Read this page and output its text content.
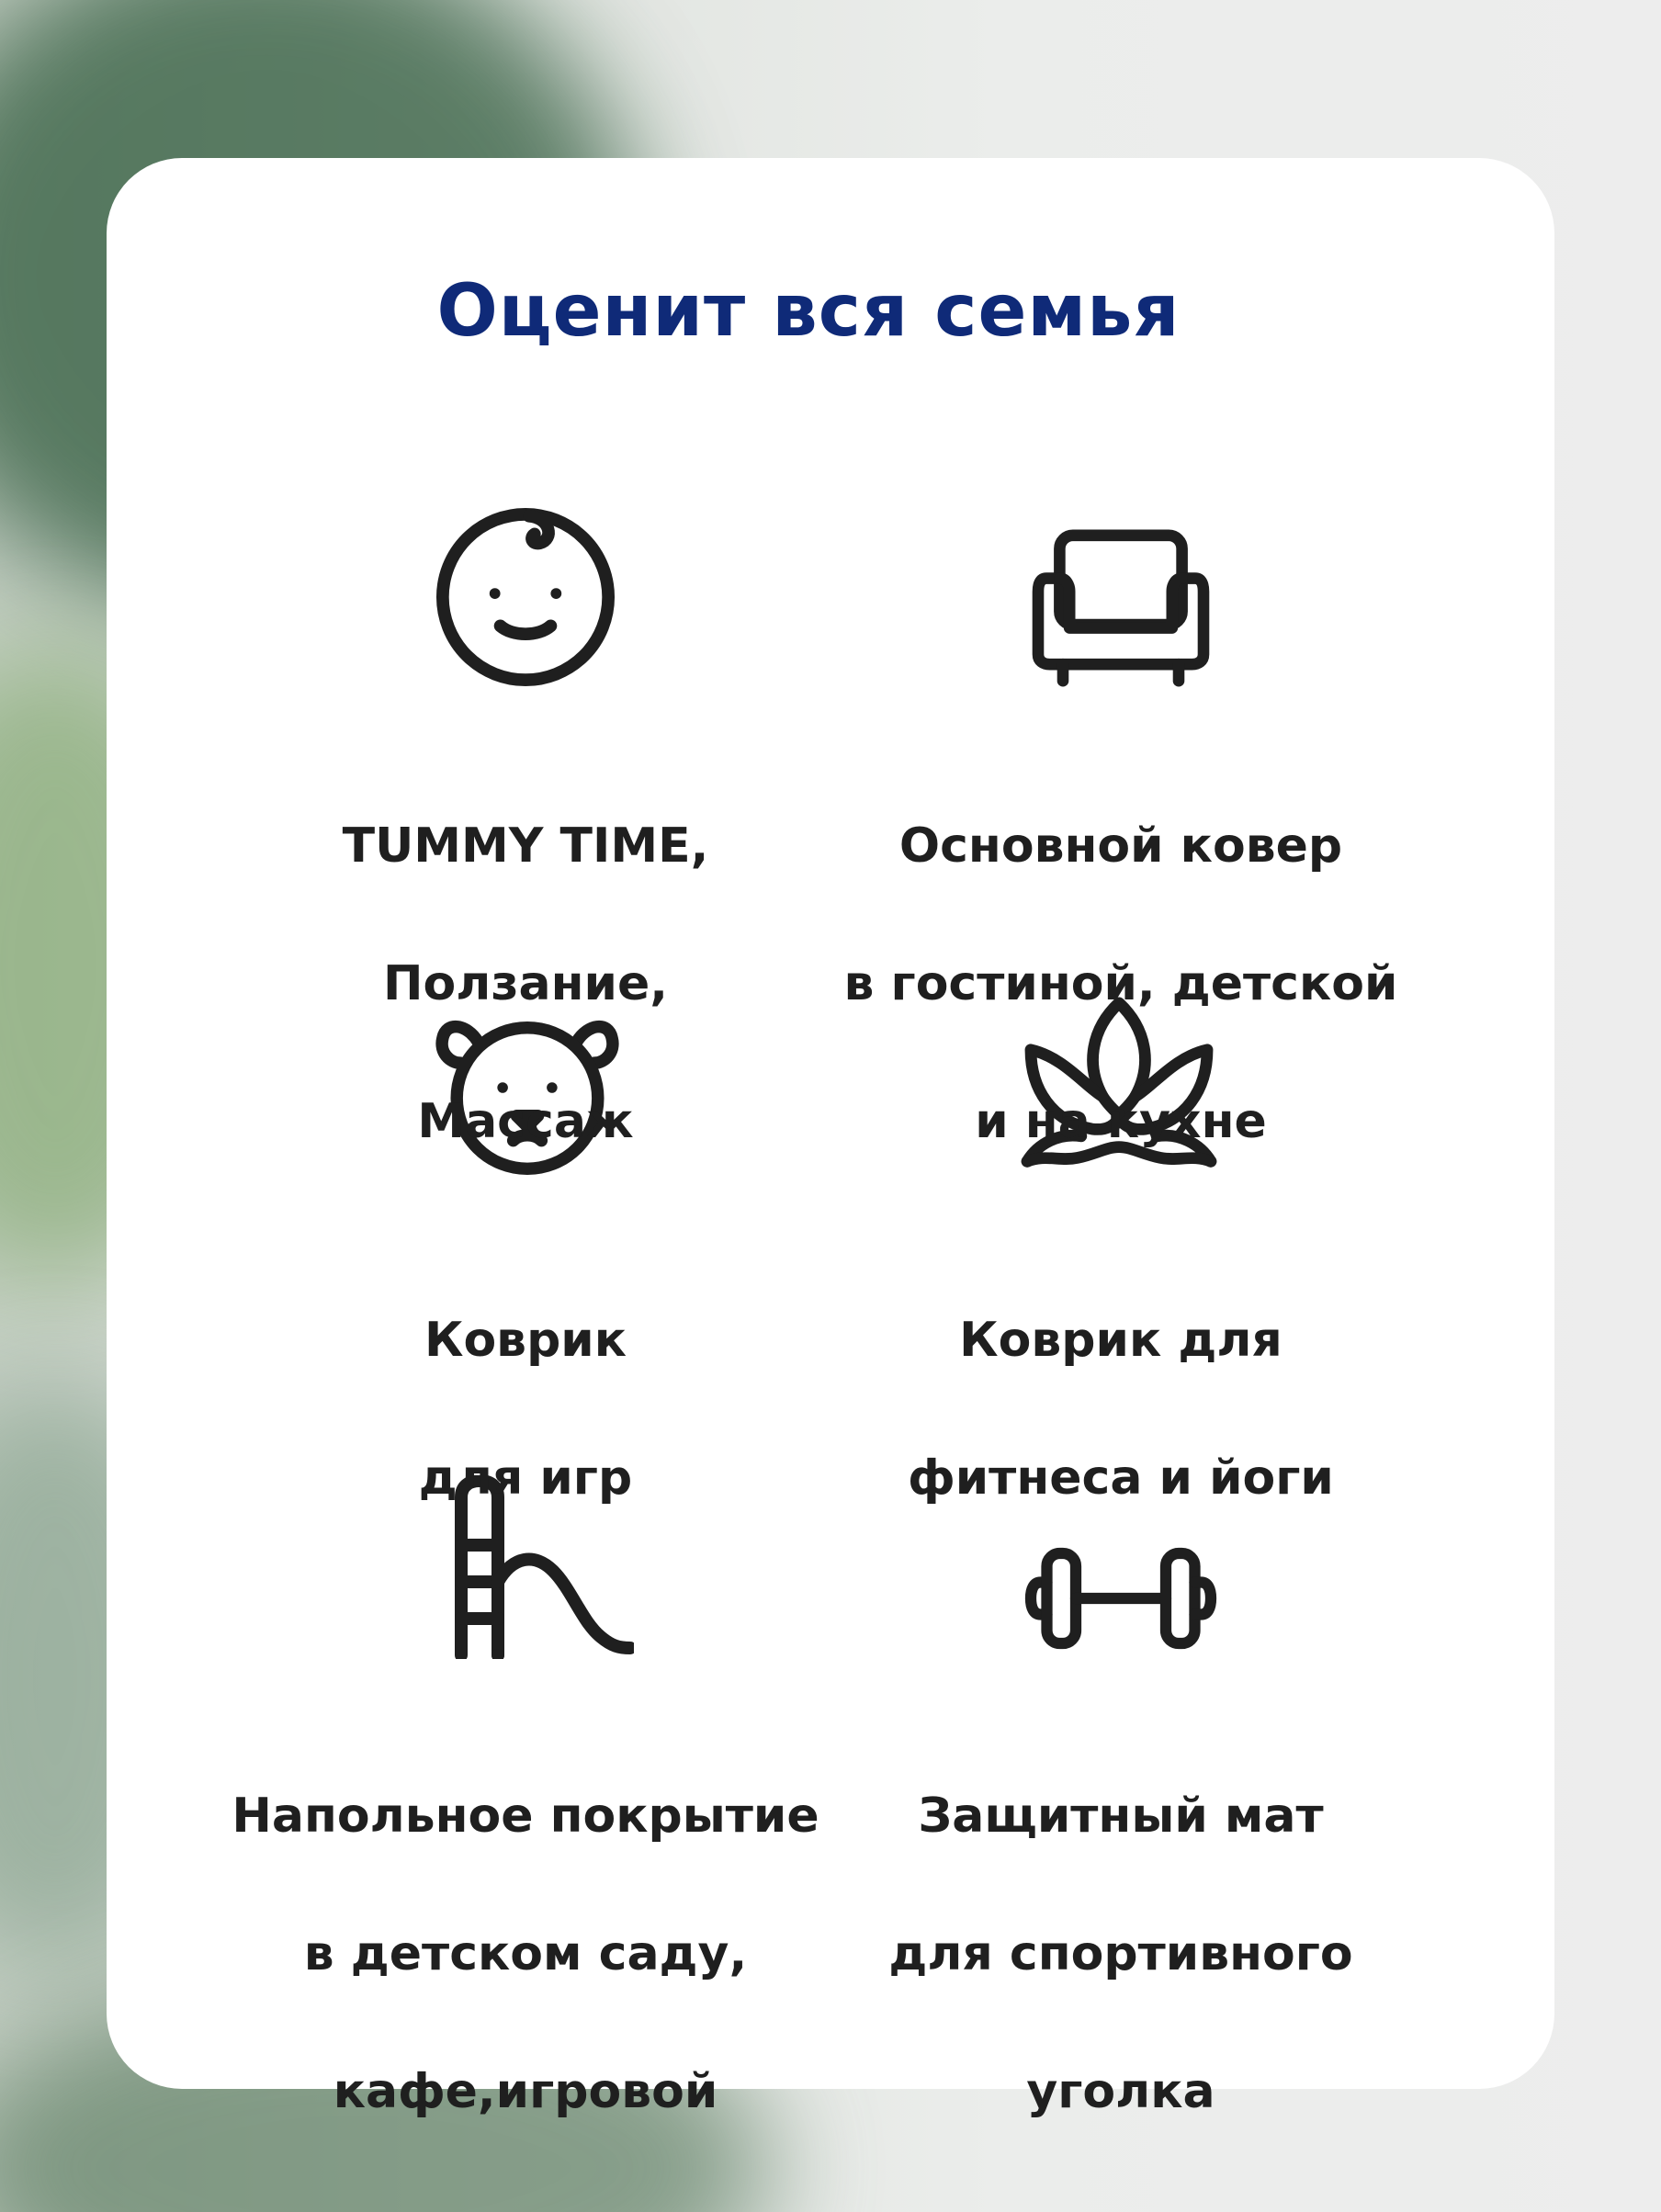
Оценит вся семья

TUMMY TIME,

Ползание,

Массаж

Основной ковер

в гостиной, детской

и на кухне

Коврик

для игр

Коврик для

фитнеса и йоги

Напольное покрытие

в детском саду,

кафе,игровой

Защитный мат

для спортивного

уголка
